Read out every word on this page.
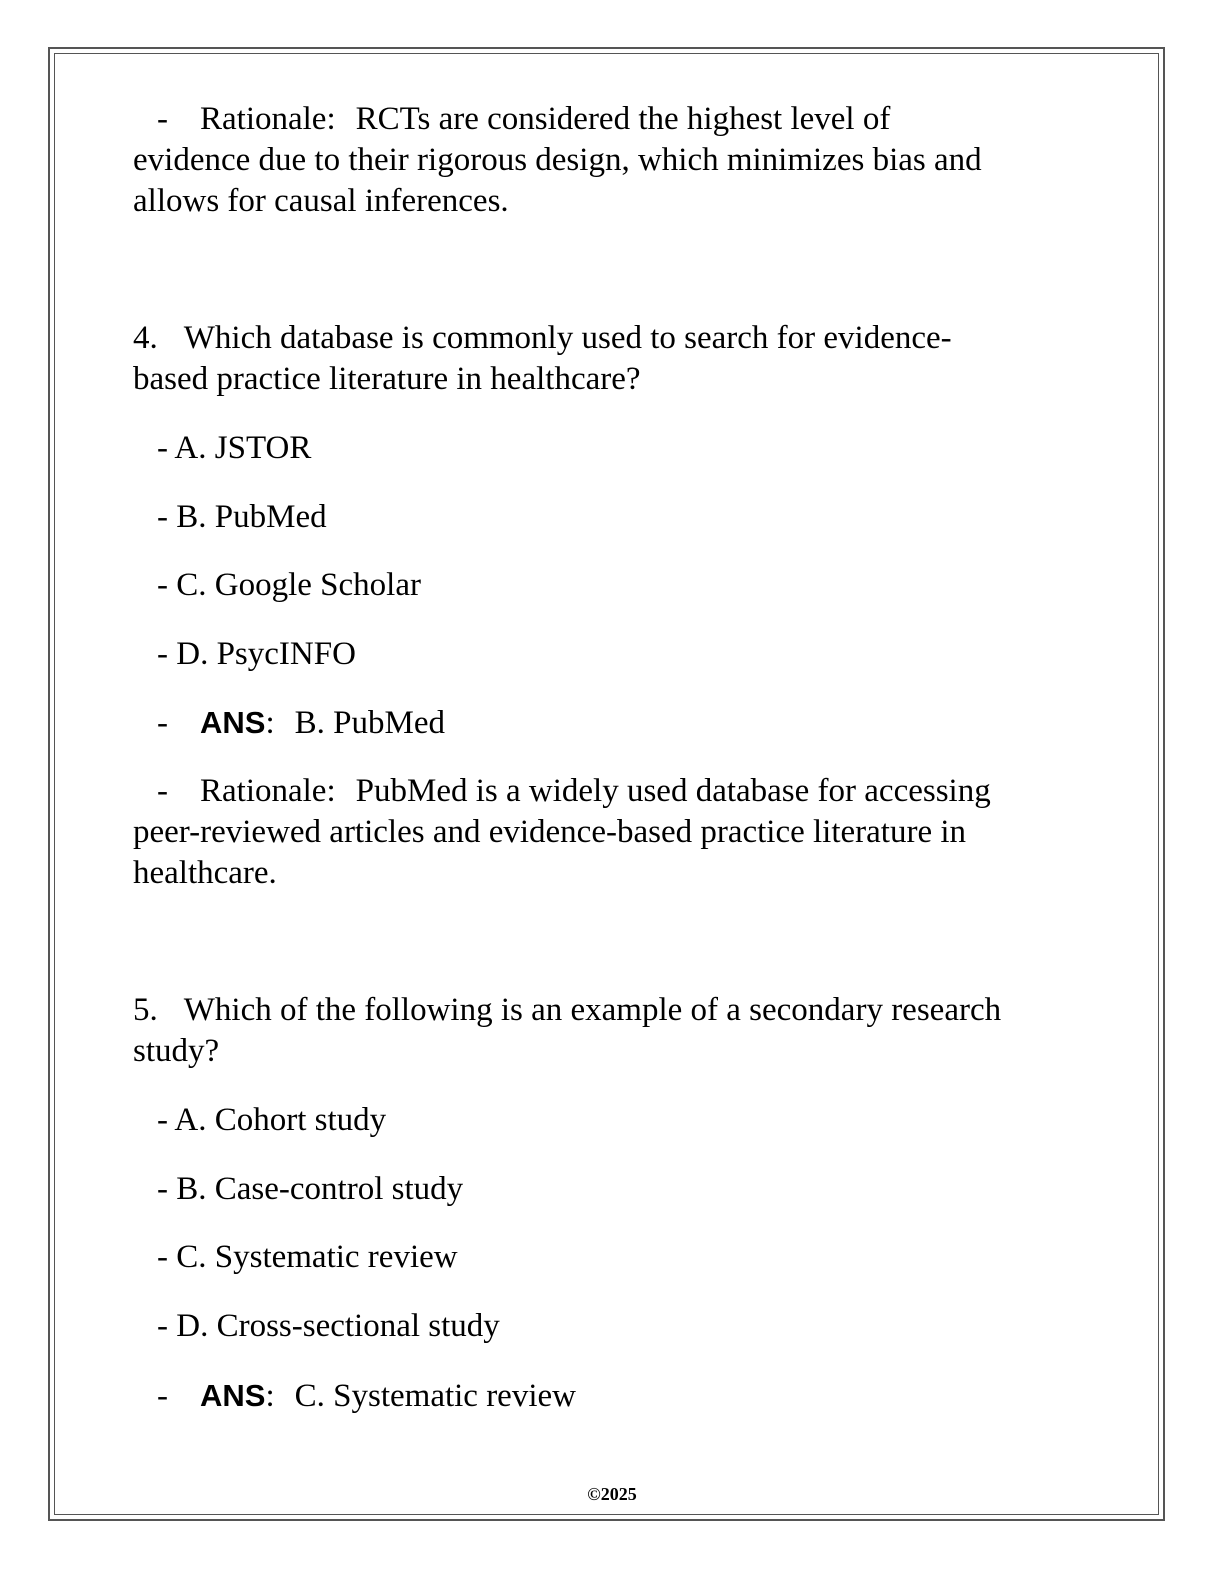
- Rationale: RCTs are considered the highest level of
evidence due to their rigorous design, which minimizes bias and
allows for causal inferences.
4. Which database is commonly used to search for evidence-
based practice literature in healthcare?
- A. JSTOR
- B. PubMed
- C. Google Scholar
- D. PsycINFO
- ANS: B. PubMed
- Rationale: PubMed is a widely used database for accessing
peer-reviewed articles and evidence-based practice literature in
healthcare.
5. Which of the following is an example of a secondary research
study?
- A. Cohort study
- B. Case-control study
- C. Systematic review
- D. Cross-sectional study
- ANS: C. Systematic review
©2025
